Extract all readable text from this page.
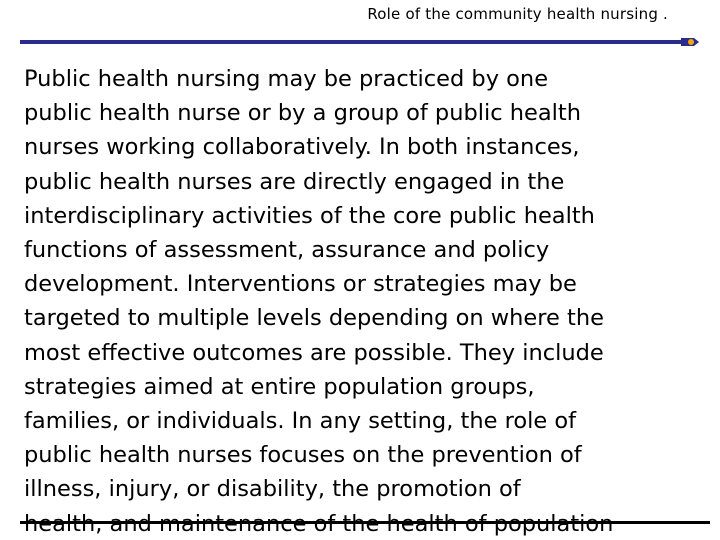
Role of the community health nursing .
Public health nursing may be practiced by one
public health nurse or by a group of public health
nurses working collaboratively. In both instances,
public health nurses are directly engaged in the
interdisciplinary activities of the core public health
functions of assessment, assurance and policy
development. Interventions or strategies may be
targeted to multiple levels depending on where the
most effective outcomes are possible. They include
strategies aimed at entire population groups,
families, or individuals. In any setting, the role of
public health nurses focuses on the prevention of
illness, injury, or disability, the promotion of
